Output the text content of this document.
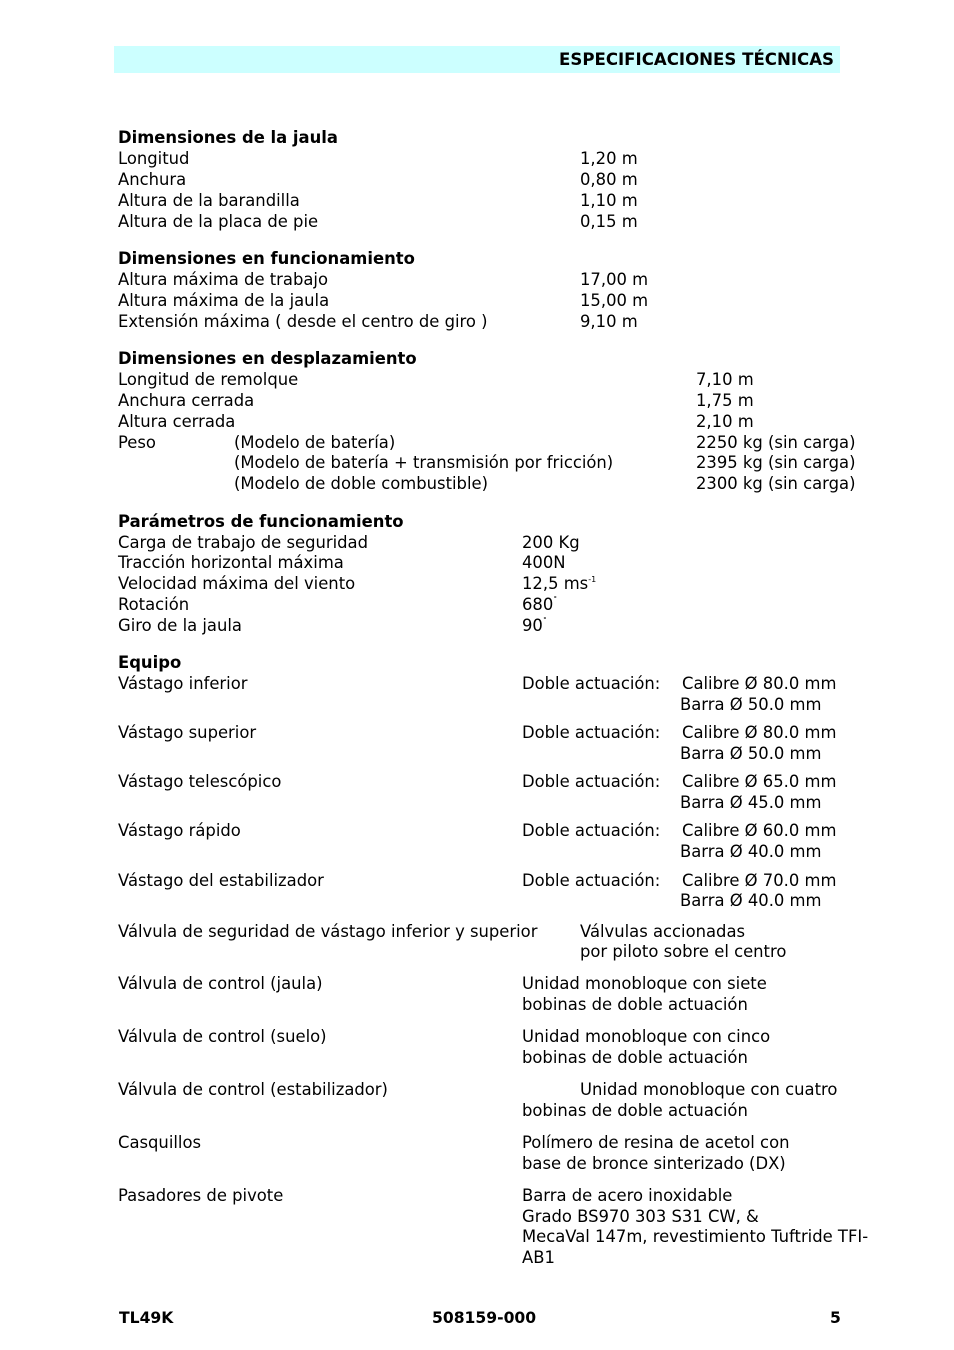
ESPECIFICACIONES TÉCNICAS
Dimensiones de la jaula
Longitud	1,20 m
Anchura	0,80 m
Altura de la barandilla	1,10 m
Altura de la placa de pie	0,15 m
Dimensiones en funcionamiento
Altura máxima de trabajo	17,00 m
Altura máxima de la jaula	15,00 m
Extensión máxima ( desde el centro de giro )	9,10 m
Dimensiones en desplazamiento
Longitud de remolque	7,10 m
Anchura cerrada	1,75 m
Altura cerrada	2,10 m
Peso	(Modelo de batería)	2250 kg (sin carga)
(Modelo de batería + transmisión por fricción)	2395 kg (sin carga)
(Modelo de doble combustible)	2300 kg (sin carga)
Parámetros de funcionamiento
Carga de trabajo de seguridad	200 Kg
Tracción horizontal máxima	400N
Velocidad máxima del viento	12,5 $ms^{-1}$
Rotación	680˚
Giro de la jaula	90˚
Equipo
Vástago inferior	Doble actuación: Calibre Ø 80.0 mm
Barra Ø 50.0 mm
Vástago superior	Doble actuación: Calibre Ø 80.0 mm
Barra Ø 50.0 mm
Vástago telescópico	Doble actuación: Calibre Ø 65.0 mm
Barra Ø 45.0 mm
Vástago rápido	Doble actuación: Calibre Ø 60.0 mm
Barra Ø 40.0 mm
Vástago del estabilizador	Doble actuación: Calibre Ø 70.0 mm
Barra Ø 40.0 mm
Válvula de seguridad de vástago inferior y superior	Válvulas accionadas
por piloto sobre el centro
Válvula de control (jaula)	Unidad monobloque con siete
bobinas de doble actuación
Válvula de control (suelo)	Unidad monobloque con cinco
bobinas de doble actuación
Válvula de control (estabilizador)	Unidad monobloque con cuatro
bobinas de doble actuación
Casquillos	Polímero de resina de acetol con
base de bronce sinterizado (DX)
Pasadores de pivote	Barra de acero inoxidable
Grado BS970 303 S31 CW, &
MecaVal 147m, revestimiento Tuftride TFI-
AB1
TL49K	508159-000	5
